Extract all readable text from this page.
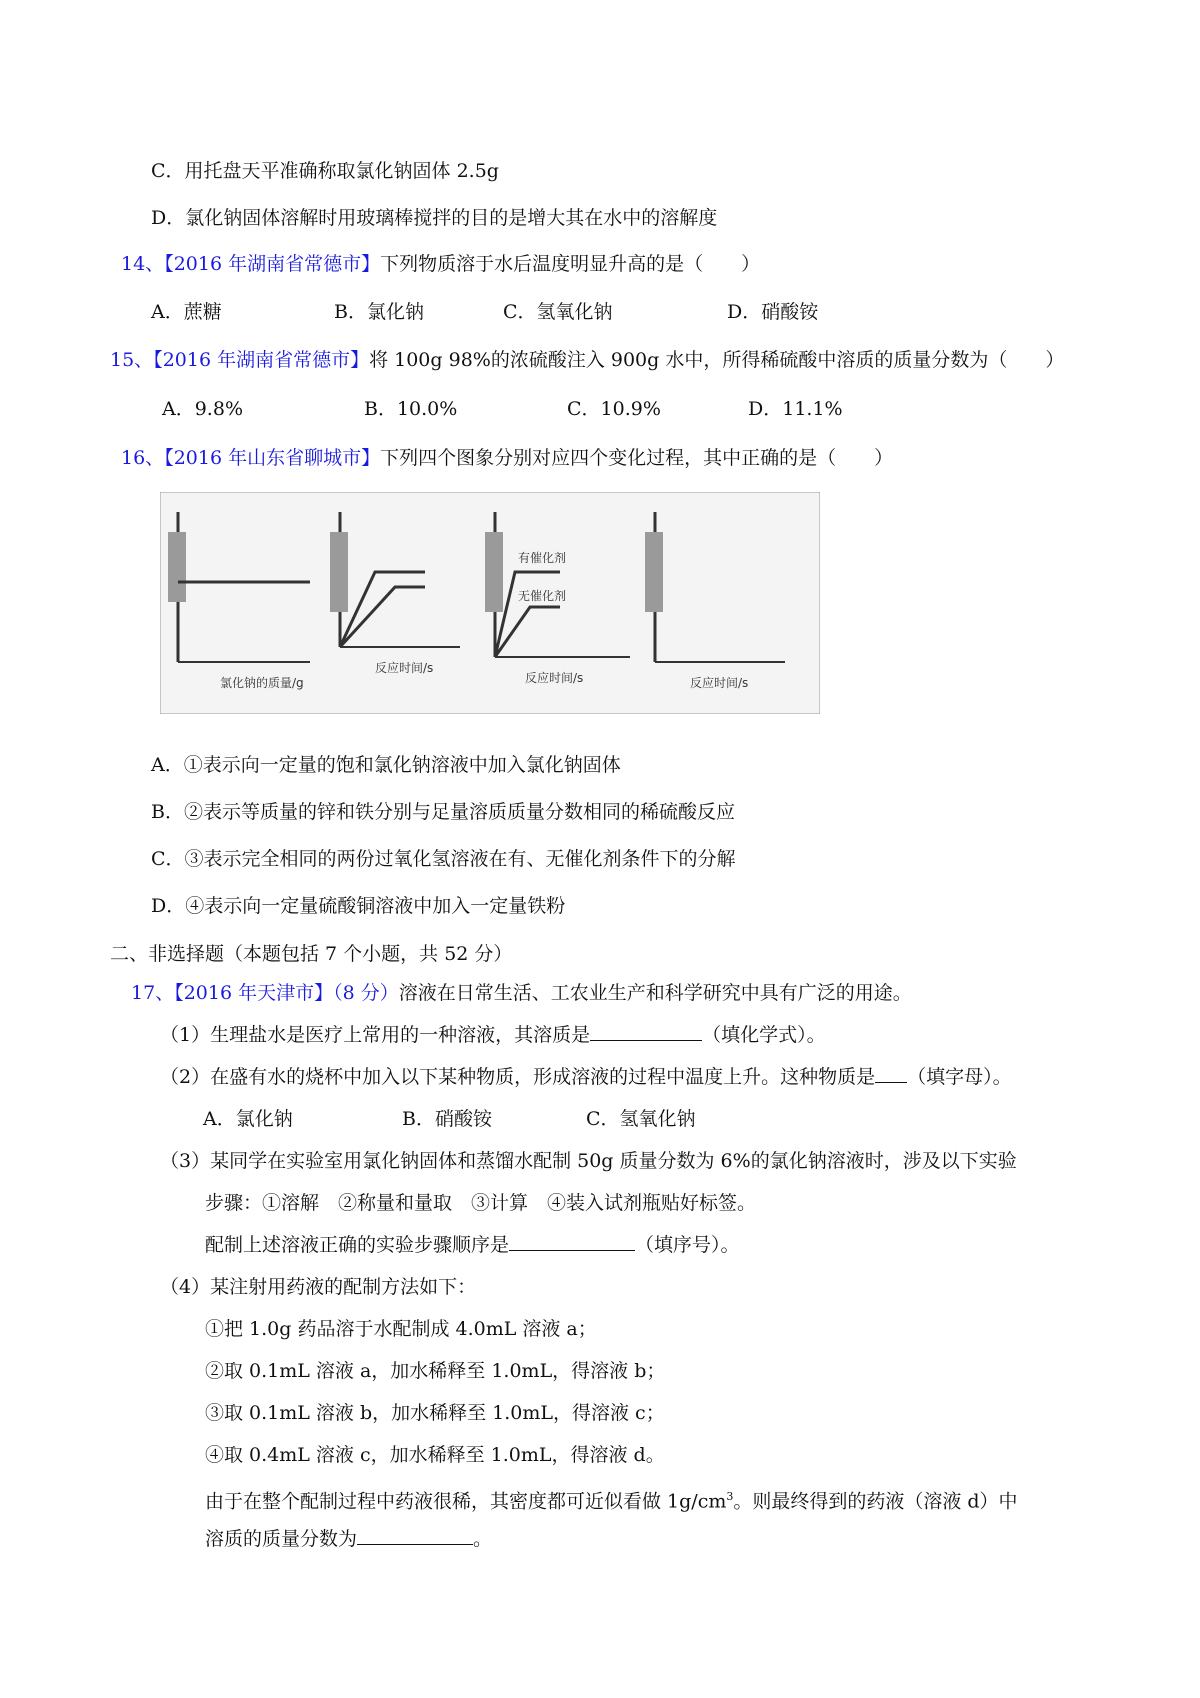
C．用托盘天平准确称取氯化钠固体 2.5g
D．氯化钠固体溶解时用玻璃棒搅拌的目的是增大其在水中的溶解度
14、【2016 年湖南省常德市】下列物质溶于水后温度明显升高的是（　　）
A．蔗糖	B．氯化钠	C．氢氧化钠	D．硝酸铵
15、【2016 年湖南省常德市】将 100g 98%的浓硫酸注入 900g 水中，所得稀硫酸中溶质的质量分数为（　　）
A．9.8%	B．10.0%	C．10.9%	D．11.1%
16、【2016 年山东省聊城市】下列四个图象分别对应四个变化过程，其中正确的是（　　）
氯化钠的质量/g
反应时间/s
有催化剂
无催化剂
反应时间/s	反应时间/s
A．①表示向一定量的饱和氯化钠溶液中加入氯化钠固体
B．②表示等质量的锌和铁分别与足量溶质质量分数相同的稀硫酸反应
C．③表示完全相同的两份过氧化氢溶液在有、无催化剂条件下的分解
D．④表示向一定量硫酸铜溶液中加入一定量铁粉
二、非选择题（本题包括 7 个小题，共 52 分）
17、【2016 年天津市】（8 分）溶液在日常生活、工农业生产和科学研究中具有广泛的用途。
（1）生理盐水是医疗上常用的一种溶液，其溶质是	（填化学式）。
（2）在盛有水的烧杯中加入以下某种物质，形成溶液的过程中温度上升。这种物质是 （填字母）。
A．氯化钠	B．硝酸铵	C．氢氧化钠
（3）某同学在实验室用氯化钠固体和蒸馏水配制 50g 质量分数为 6%的氯化钠溶液时，涉及以下实验
步骤：①溶解　②称量和量取　③计算　④装入试剂瓶贴好标签。
配制上述溶液正确的实验步骤顺序是	（填序号）。
（4）某注射用药液的配制方法如下：
①把 1.0g 药品溶于水配制成 4.0mL 溶液 a；
②取 0.1mL 溶液 a，加水稀释至 1.0mL，得溶液 b；
③取 0.1mL 溶液 b，加水稀释至 1.0mL，得溶液 c；
④取 0.4mL 溶液 c，加水稀释至 1.0mL，得溶液 d。
由于在整个配制过程中药液很稀，其密度都可近似看做 $1g/cm^3$。则最终得到的药液（溶液 d）中
溶质的质量分数为	。
